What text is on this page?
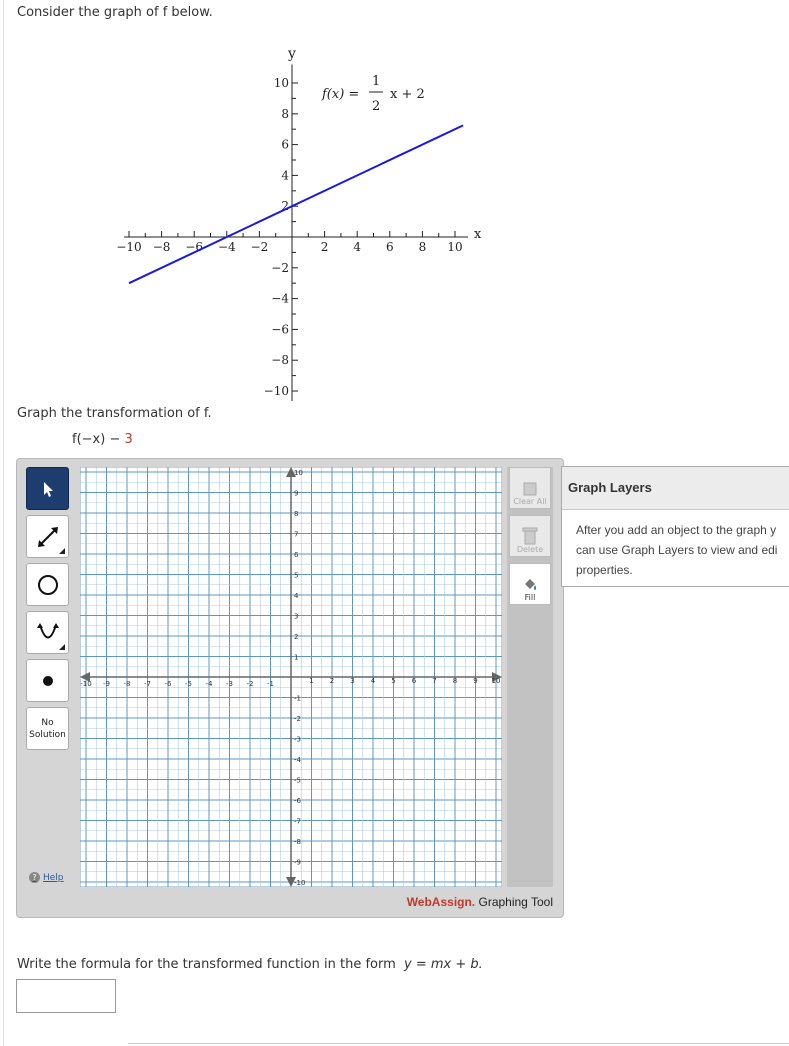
Consider the graph of f below.
−10 −8 −6 −4 −2	2 4 6 8 10
−10
−8
−6
−4
−2
2
4
6
8
10
y
x
f(x) =
1
2
x + 2
Graph the transformation of f.
f(−x) − 3
No
Solution
? Help
-10
-10
-9
-9
-8
-8
-7
-7
-6
-6
-5
-5
-4
-4
-3
-3
-2
-2
-1
-1
1
1
2
2
3
3
4
4
5
5
6
6
7
7
8
8
9
9
10
10
Clear All
Delete
Fill
WebAssign. Graphing Tool
Graph Layers
After you add an object to the graph y
can use Graph Layers to view and edi
properties.
Write the formula for the transformed function in the form y = mx + b.
